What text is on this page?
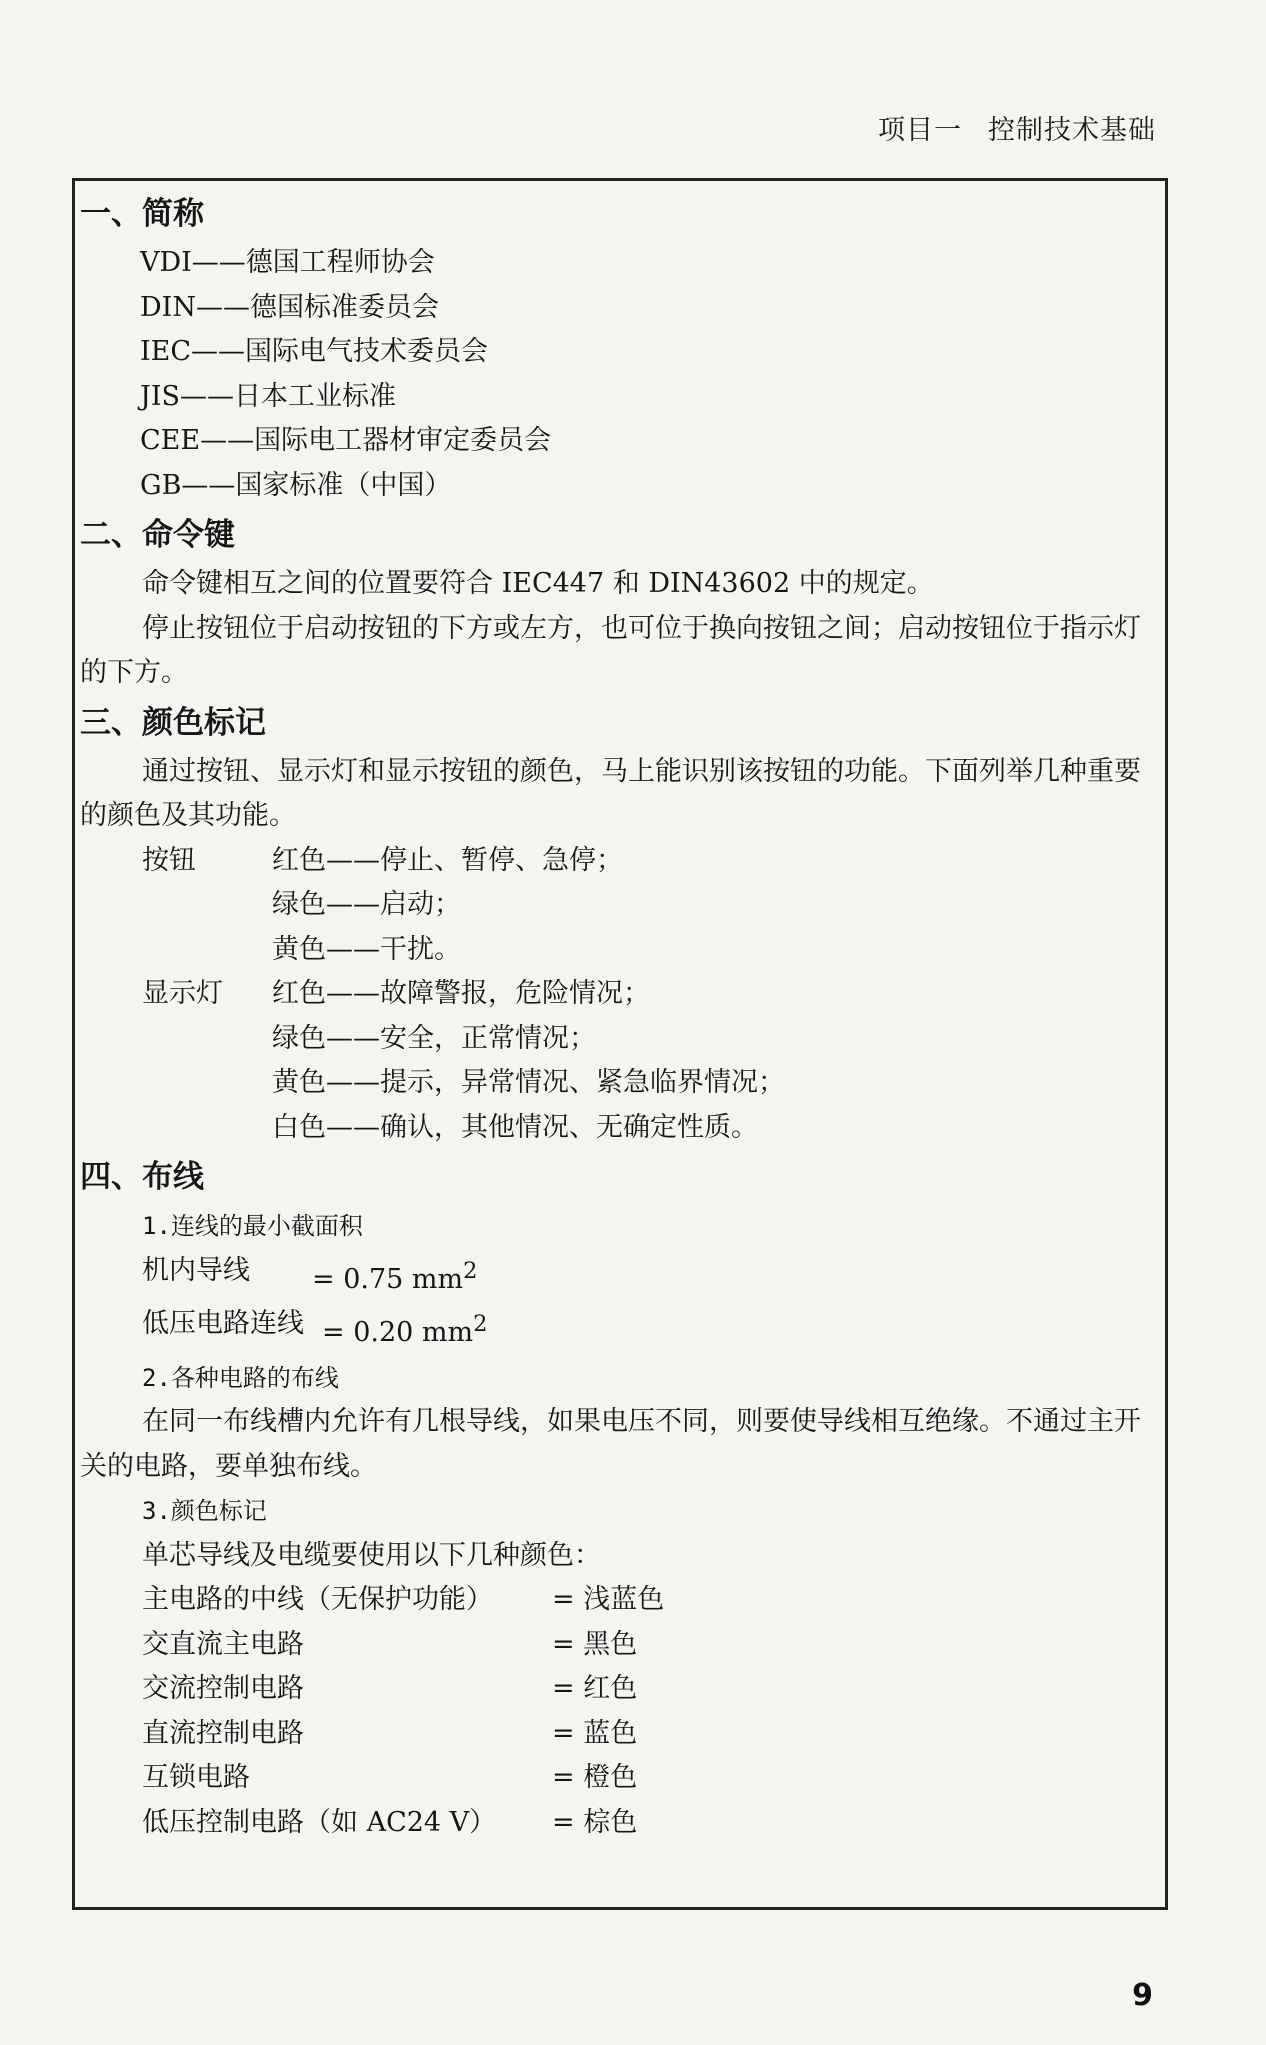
项目一 控制技术基础
一、简称
VDI——德国工程师协会
DIN——德国标准委员会
IEC——国际电气技术委员会
JIS——日本工业标准
CEE——国际电工器材审定委员会
GB——国家标准（中国）
二、命令键
命令键相互之间的位置要符合 IEC447 和 DIN43602 中的规定。
停止按钮位于启动按钮的下方或左方，也可位于换向按钮之间；启动按钮位于指示灯的下方。
三、颜色标记
通过按钮、显示灯和显示按钮的颜色，马上能识别该按钮的功能。下面列举几种重要的颜色及其功能。
按钮	红色——停止、暂停、急停；
绿色——启动；
黄色——干扰。
显示灯	红色——故障警报，危险情况；
绿色——安全，正常情况；
黄色——提示，异常情况、紧急临界情况；
白色——确认，其他情况、无确定性质。
四、布线
1.连线的最小截面积
机内导线	= 0.75 $mm^2$
低压电路连线 = 0.20 $mm^2$
2.各种电路的布线
在同一布线槽内允许有几根导线，如果电压不同，则要使导线相互绝缘。不通过主开关的电路，要单独布线。
3.颜色标记
单芯导线及电缆要使用以下几种颜色：
主电路的中线（无保护功能）	= 浅蓝色
交直流主电路	= 黑色
交流控制电路	= 红色
直流控制电路	= 蓝色
互锁电路	= 橙色
低压控制电路（如 AC24 V）	= 棕色
9
